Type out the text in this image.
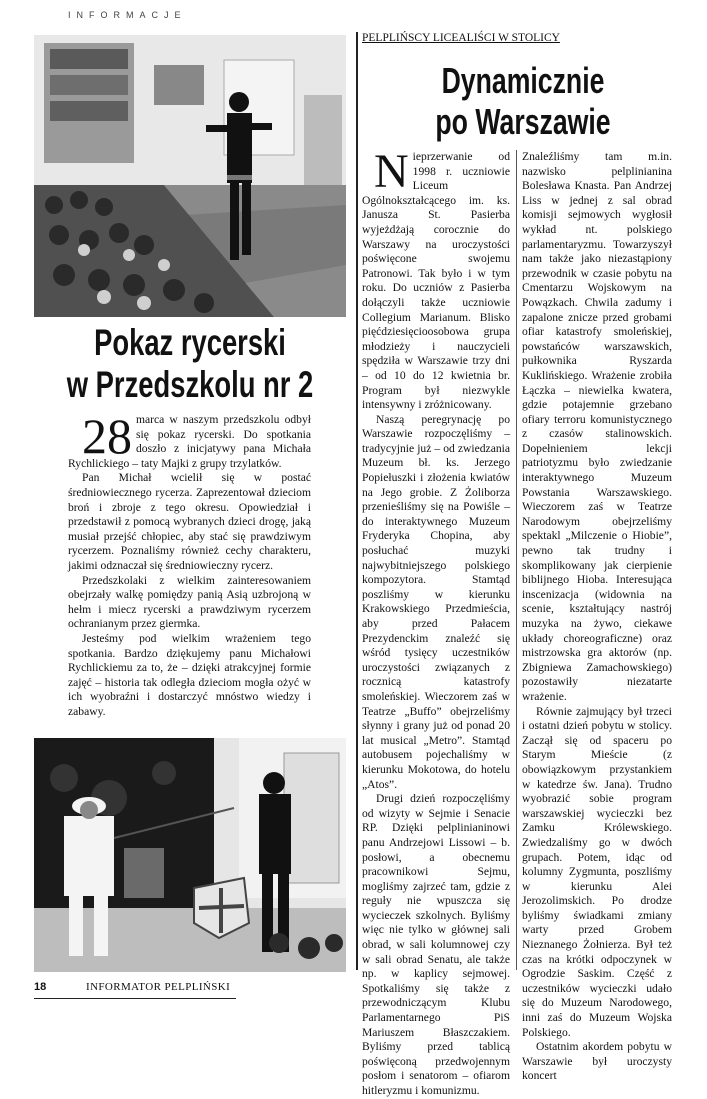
INFORMACJE
Pokaz rycerski
w Przedszkolu nr 2

28 marca w naszym przedszkolu odbył się pokaz rycerski. Do spotkania doszło z inicjatywy pana Michała Rychlickiego – taty Majki z grupy trzylatków.

Pan Michał wcielił się w postać średniowiecznego rycerza. Zaprezentował dzieciom broń i zbroje z tego okresu. Opowiedział i przedstawił z pomocą wybranych dzieci drogę, jaką musiał przejść chłopiec, aby stać się prawdziwym rycerzem. Poznaliśmy również cechy charakteru, jakimi odznaczał się średniowieczny rycerz.

Przedszkolaki z wielkim zainteresowaniem obejrzały walkę pomiędzy panią Asią uzbrojoną w hełm i miecz rycerski a prawdziwym rycerzem ochranianym przez giermka.

Jesteśmy pod wielkim wrażeniem tego spotkania. Bardzo dziękujemy panu Michałowi Rychlickiemu za to, że – dzięki atrakcyjnej formie zajęć – historia tak odległa dzieciom mogła ożyć w ich wyobraźni i dostarczyć mnóstwo wiedzy i zabawy.

PELPLIŃSCY LICEALIŚCI W STOLICY
Dynamicznie
po Warszawie

Nieprzerwanie od 1998 r. uczniowie Liceum Ogólnokształcącego im. ks. Janusza St. Pasierba wyjeżdżają corocznie do Warszawy na uroczystości poświęcone swojemu Patronowi. Tak było i w tym roku. Do uczniów z Pasierba dołączyli także uczniowie Collegium Marianum. Blisko pięćdziesięcioosobowa grupa młodzieży i nauczycieli spędziła w Warszawie trzy dni – od 10 do 12 kwietnia br. Program był niezwykle intensywny i zróżnicowany.

Naszą peregrynację po Warszawie rozpoczęliśmy – tradycyjnie już – od zwiedzania Muzeum bł. ks. Jerzego Popiełuszki i złożenia kwiatów na Jego grobie. Z Żoliborza przenieśliśmy się na Powiśle – do interaktywnego Muzeum Fryderyka Chopina, aby posłuchać muzyki najwybitniejszego polskiego kompozytora. Stamtąd poszliśmy w kierunku Krakowskiego Przedmieścia, aby przed Pałacem Prezydenckim znaleźć się wśród tysięcy uczestników uroczystości związanych z rocznicą katastrofy smoleńskiej. Wieczorem zaś w Teatrze „Buffo” obejrzeliśmy słynny i grany już od ponad 20 lat musical „Metro”. Stamtąd autobusem pojechaliśmy w kierunku Mokotowa, do hotelu „Atos”.

Drugi dzień rozpoczęliśmy od wizyty w Sejmie i Senacie RP. Dzięki pelplinianinowi panu Andrzejowi Lissowi – b. posłowi, a obecnemu pracownikowi Sejmu, mogliśmy zajrzeć tam, gdzie z reguły nie wpuszcza się wycieczek szkolnych. Byliśmy więc nie tylko w głównej sali obrad, w sali kolumnowej czy w sali obrad Senatu, ale także np. w kaplicy sejmowej. Spotkaliśmy się także z przewodniczącym Klubu Parlamentarnego PiS Mariuszem Błaszczakiem. Byliśmy przed tablicą poświęconą przedwojennym posłom i senatorom – ofiarom hitleryzmu i komunizmu.

Znaleźliśmy tam m.in. nazwisko pelplinianina Bolesława Knasta. Pan Andrzej Liss w jednej z sal obrad komisji sejmowych wygłosił wykład nt. polskiego parlamentaryzmu. Towarzyszył nam także jako niezastąpiony przewodnik w czasie pobytu na Cmentarzu Wojskowym na Powązkach. Chwila zadumy i zapalone znicze przed grobami ofiar katastrofy smoleńskiej, powstańców warszawskich, pułkownika Ryszarda Kuklińskiego. Wrażenie zrobiła Łączka – niewielka kwatera, gdzie potajemnie grzebano ofiary terroru komunistycznego z czasów stalinowskich. Dopełnieniem lekcji patriotyzmu było zwiedzanie interaktywnego Muzeum Powstania Warszawskiego. Wieczorem zaś w Teatrze Narodowym obejrzeliśmy spektakl „Milczenie o Hiobie”, pewno tak trudny i skomplikowany jak cierpienie biblijnego Hioba. Interesująca inscenizacja (widownia na scenie, kształtujący nastrój muzyka na żywo, ciekawe układy choreograficzne) oraz mistrzowska gra aktorów (np. Zbigniewa Zamachowskiego) pozostawiły niezatarte wrażenie.

Równie zajmujący był trzeci i ostatni dzień pobytu w stolicy. Zaczął się od spaceru po Starym Mieście (z obowiązkowym przystankiem w katedrze św. Jana). Trudno wyobrazić sobie program warszawskiej wycieczki bez Zamku Królewskiego. Zwiedzaliśmy go w dwóch grupach. Potem, idąc od kolumny Zygmunta, poszliśmy w kierunku Alei Jerozolimskich. Po drodze byliśmy świadkami zmiany warty przed Grobem Nieznanego Żołnierza. Był też czas na krótki odpoczynek w Ogrodzie Saskim. Część z uczestników wycieczki udało się do Muzeum Narodowego, inni zaś do Muzeum Wojska Polskiego.

Ostatnim akordem pobytu w Warszawie był uroczysty koncert

18	INFORMATOR PELPLIŃSKI
